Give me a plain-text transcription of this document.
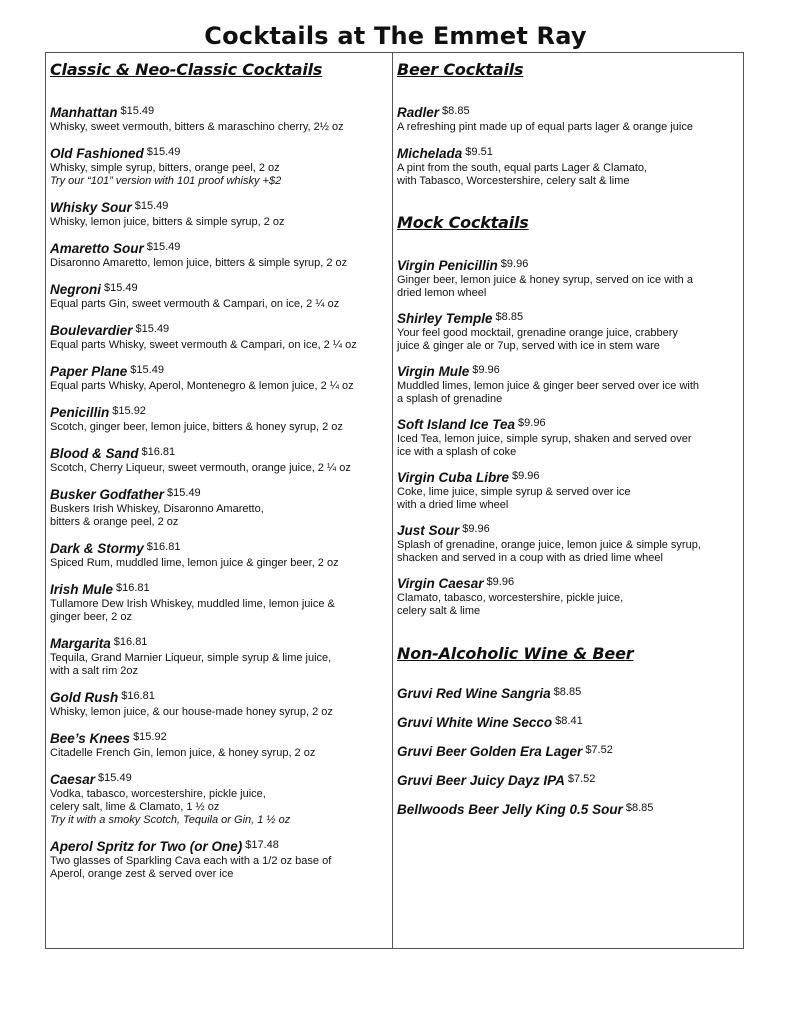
Cocktails at The Emmet Ray
Classic & Neo-Classic Cocktails
Manhattan $15.49
Whisky, sweet vermouth, bitters & maraschino cherry, 2½ oz
Old Fashioned $15.49
Whisky, simple syrup, bitters, orange peel, 2 oz
Try our “101” version with 101 proof whisky +$2
Whisky Sour $15.49
Whisky, lemon juice, bitters & simple syrup, 2 oz
Amaretto Sour $15.49
Disaronno Amaretto, lemon juice, bitters & simple syrup, 2 oz
Negroni $15.49
Equal parts Gin, sweet vermouth & Campari, on ice, 2 ¼ oz
Boulevardier $15.49
Equal parts Whisky, sweet vermouth & Campari, on ice, 2 ¼ oz
Paper Plane $15.49
Equal parts Whisky, Aperol, Montenegro & lemon juice, 2 ¼ oz
Penicillin $15.92
Scotch, ginger beer, lemon juice, bitters & honey syrup, 2 oz
Blood & Sand $16.81
Scotch, Cherry Liqueur, sweet vermouth, orange juice, 2 ¼ oz
Busker Godfather $15.49
Buskers Irish Whiskey, Disaronno Amaretto,
bitters & orange peel, 2 oz
Dark & Stormy $16.81
Spiced Rum, muddled lime, lemon juice & ginger beer, 2 oz
Irish Mule $16.81
Tullamore Dew Irish Whiskey, muddled lime, lemon juice &
ginger beer, 2 oz
Margarita $16.81
Tequila, Grand Marnier Liqueur, simple syrup & lime juice,
with a salt rim 2oz
Gold Rush $16.81
Whisky, lemon juice, & our house-made honey syrup, 2 oz
Bee’s Knees $15.92
Citadelle French Gin, lemon juice, & honey syrup, 2 oz
Caesar $15.49
Vodka, tabasco, worcestershire, pickle juice,
celery salt, lime & Clamato, 1 ½ oz
Try it with a smoky Scotch, Tequila or Gin, 1 ½ oz
Aperol Spritz for Two (or One) $17.48
Two glasses of Sparkling Cava each with a 1/2 oz base of
Aperol, orange zest & served over ice
Beer Cocktails
Radler $8.85
A refreshing pint made up of equal parts lager & orange juice
Michelada $9.51
A pint from the south, equal parts Lager & Clamato,
with Tabasco, Worcestershire, celery salt & lime
Mock Cocktails
Virgin Penicillin $9.96
Ginger beer, lemon juice & honey syrup, served on ice with a
dried lemon wheel
Shirley Temple $8.85
Your feel good mocktail, grenadine orange juice, crabbery
juice & ginger ale or 7up, served with ice in stem ware
Virgin Mule $9.96
Muddled limes, lemon juice & ginger beer served over ice with
a splash of grenadine
Soft Island Ice Tea $9.96
Iced Tea, lemon juice, simple syrup, shaken and served over
ice with a splash of coke
Virgin Cuba Libre $9.96
Coke, lime juice, simple syrup & served over ice
with a dried lime wheel
Just Sour $9.96
Splash of grenadine, orange juice, lemon juice & simple syrup,
shacken and served in a coup with as dried lime wheel
Virgin Caesar $9.96
Clamato, tabasco, worcestershire, pickle juice,
celery salt & lime
Non-Alcoholic Wine & Beer
Gruvi Red Wine Sangria $8.85
Gruvi White Wine Secco $8.41
Gruvi Beer Golden Era Lager $7.52
Gruvi Beer Juicy Dayz IPA $7.52
Bellwoods Beer Jelly King 0.5 Sour $8.85
